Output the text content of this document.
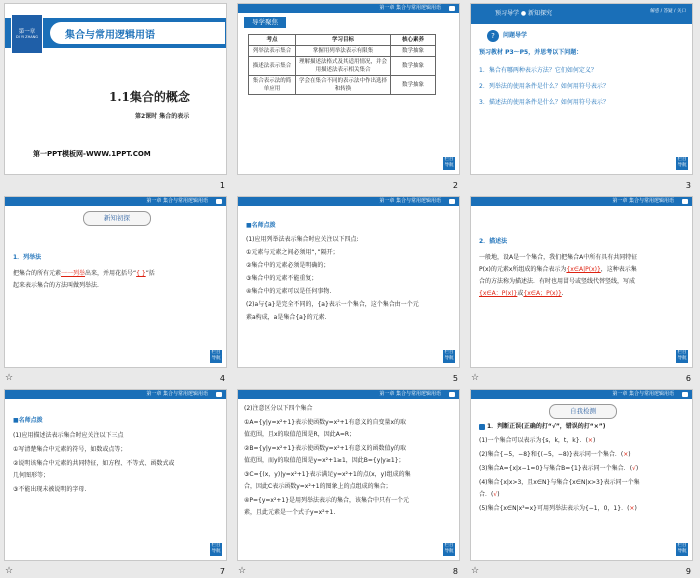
第一章
DI YI ZHANG	集合与常用逻辑用语
1.1集合的概念
第2课时 集合的表示
第一PPT模板网-WWW.1PPT.COM
1
第一章 集合与常用逻辑用语
导学聚焦
考点	学习目标	核心素养
列举法表示集合	掌握用列举法表示有限集	数学抽象
描述法表示集合	理解描述法格式及其适用情况，并会用描述法表示相关集合	数学抽象
集合表示法的简单应用	学会在集合不同的表示法中作出选择和转换	数学抽象
栏目导航
2
预习导学 ● 新知探究	解惑 / 答疑 / 关口
?	问题导学
预习教材 P3～P5，并思考以下问题：
1．集合有哪两种表示方法？它们如何定义？
2．列举法的使用条件是什么？如何用符号表示？
3．描述法的使用条件是什么？如何用符号表示？
栏目导航
3
第一章 集合与常用逻辑用语
新知初探
1．列举法
把集合的所有元素一一列举出来，并用花括号“{ }”括
起来表示集合的方法叫做列举法.
栏目导航
☆	4
第一章 集合与常用逻辑用语
■名师点拨
(1)应用列举法表示集合时应关注以下四点:
①元素与元素之间必须用“，”隔开；
②集合中的元素必须是明确的；
③集合中的元素不能重复；
④集合中的元素可以是任何事物.
(2)a与{a}是完全不同的，{a}表示一个集合，这个集合由一个元
素a构成，a是集合{a}的元素.
栏目导航
5
第一章 集合与常用逻辑用语
2．描述法
一般地，设A是一个集合，我们把集合A中所有具有共同特征
P(x)的元素x所组成的集合表示为{x∈A|P(x)}，这种表示集
合的方法称为描述法．有时也用冒号或竖线代替竖线，写成
{x∈A：P(x)}或{x∈A；P(x)}.
栏目导航
☆	6
第一章 集合与常用逻辑用语
■名师点拨
(1)应用描述法表示集合时应关注以下三点
①写清楚集合中元素的符号，如数或点等；
②说明该集合中元素的共同特征，如方程、不等式、函数式或
几何图形等；
③不能出现未被说明的字母.
栏目导航
☆	7
第一章 集合与常用逻辑用语
(2)注意区分以下四个集合
①A={y|y=x²+1}表示使函数y=x²+1有意义的自变量x的取
值范围，且x的取值范围是R，因此A=R；
②B={y|y=x²+1}表示使函数y=x²+1有意义的函数值y的取
值范围，而y的取值范围是y=x²+1≥1，因此B={y|y≥1}；
③C={(x，y)|y=x²+1}表示满足y=x²+1的点(x，y)组成的集
合，因此C表示函数y=x²+1的图象上的点组成的集合；
④P={y=x²+1}是用列举法表示的集合，该集合中只有一个元
素，且此元素是一个式子y=x²+1.
栏目导航
☆	8
第一章 集合与常用逻辑用语
自我检测
1．判断正误(正确的打“√”，错误的打“×”)
(1)一个集合可以表示为{s，k，t，k}．(×)
(2)集合{−5，−8}和{(−5，−8)}表示同一个集合．(×)
(3)集合A={x|x−1=0}与集合B={1}表示同一个集合．(√)
(4)集合{x|x>3，且x∈N}与集合{x∈N|x>3}表示同一个集
合．(√)
(5)集合{x∈N|x³=x}可用列举法表示为{−1，0，1}．(×)
栏目导航
☆	9
